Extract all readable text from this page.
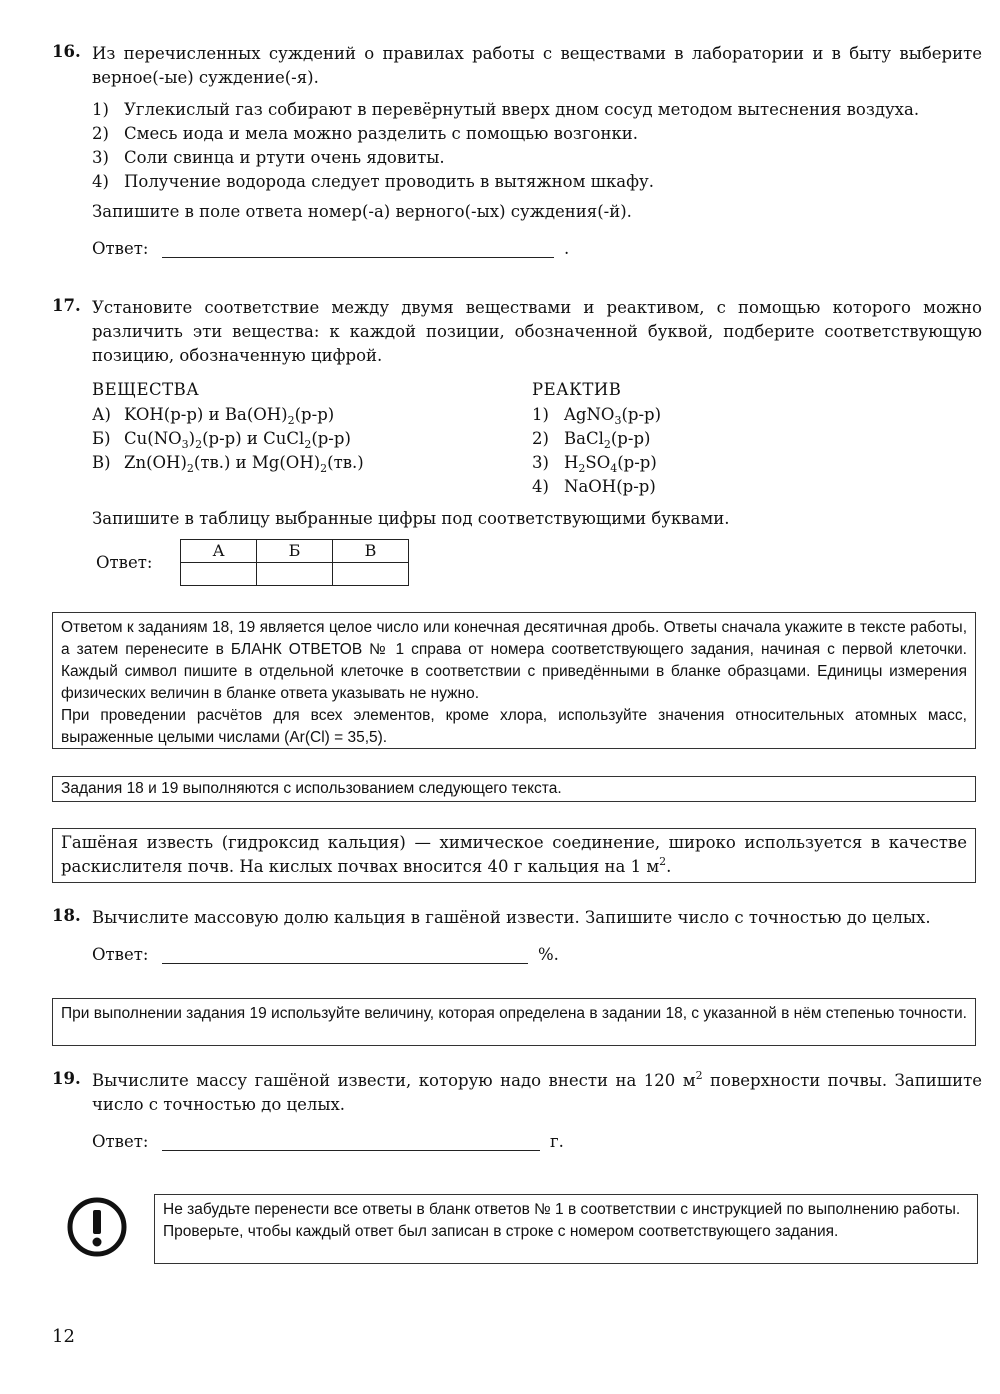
16. Из перечисленных суждений о правилах работы с веществами в лаборатории и в быту выберите верное(-ые) суждение(-я).
1) Углекислый газ собирают в перевёрнутый вверх дном сосуд методом вытеснения воздуха.
2) Смесь иода и мела можно разделить с помощью возгонки.
3) Соли свинца и ртути очень ядовиты.
4) Получение водорода следует проводить в вытяжном шкафу.
Запишите в поле ответа номер(-а) верного(-ых) суждения(-й).
Ответ:	.
17. Установите соответствие между двумя веществами и реактивом, с помощью которого можно различить эти вещества: к каждой позиции, обозначенной буквой, подберите соответствующую позицию, обозначенную цифрой.
ВЕЩЕСТВА
А) KOH(р-р) и $Ba(OH)_2(р-р)$
Б) $Cu(NO_3)_2(р-р)$ и CuCl$_2$(р-р)
В) $Zn(OH)_2(тв.)$ и $Mg(OH)_2(тв.)$
РЕАКТИВ
1) AgNO$_3$(р-р)
2) BaCl$_2$(р-р)
3) $H_2SO_4(р-р)$
4) NaOH(р-р)
Запишите в таблицу выбранные цифры под соответствующими буквами.
Ответ:
А	Б	В

Ответом к заданиям 18, 19 является целое число или конечная десятичная дробь. Ответы сначала укажите в тексте работы, а затем перенесите в БЛАНК ОТВЕТОВ № 1 справа от номера соответствующего задания, начиная с первой клеточки. Каждый символ пишите в отдельной клеточке в соответствии с приведёнными в бланке образцами. Единицы измерения физических величин в бланке ответа указывать не нужно.
При проведении расчётов для всех элементов, кроме хлора, используйте значения относительных атомных масс, выраженные целыми числами (Ar(Cl) = 35,5).
Задания 18 и 19 выполняются с использованием следующего текста.
Гашёная известь (гидроксид кальция) — химическое соединение, широко используется в качестве раскислителя почв. На кислых почвах вносится 40 г кальция на 1 $м^2$.
18. Вычислите массовую долю кальция в гашёной извести. Запишите число с точностью до целых.
Ответ:	%.
При выполнении задания 19 используйте величину, которая определена в задании 18, с указанной в нём степенью точности.
19. Вычислите массу гашёной извести, которую надо внести на 120 $м^2$ поверхности почвы. Запишите число с точностью до целых.
Ответ:	г.
Не забудьте перенести все ответы в бланк ответов № 1 в соответствии с инструкцией по выполнению работы.
Проверьте, чтобы каждый ответ был записан в строке с номером соответствующего задания.
12
